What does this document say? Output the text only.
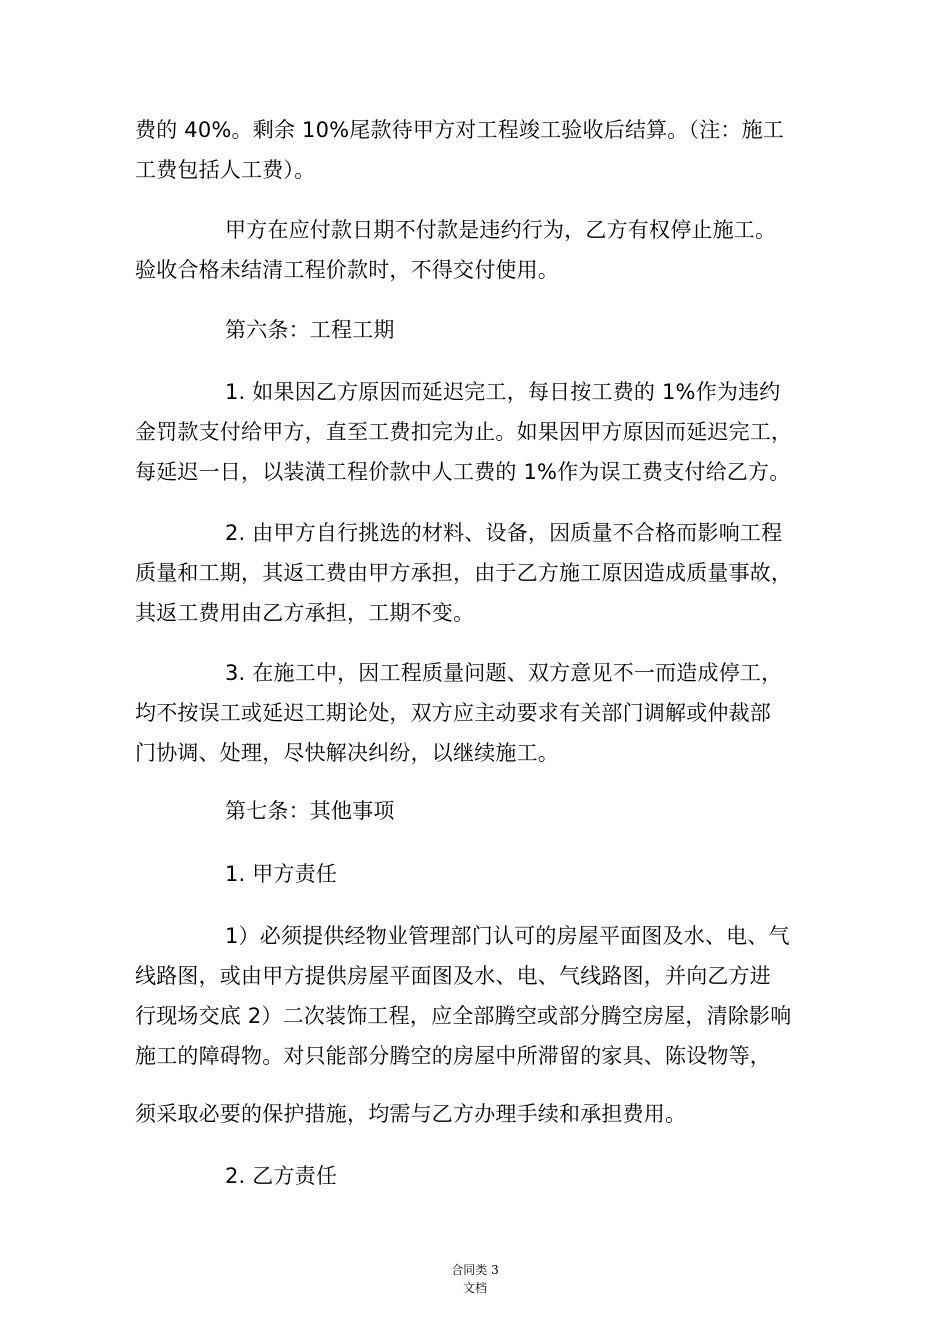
费的 40%。剩余 10%尾款待甲方对工程竣工验收后结算。（注：施工
工费包括人工费）。
甲方在应付款日期不付款是违约行为，乙方有权停止施工。
验收合格未结清工程价款时，不得交付使用。
第六条：工程工期
1. 如果因乙方原因而延迟完工，每日按工费的 1%作为违约
金罚款支付给甲方，直至工费扣完为止。如果因甲方原因而延迟完工，
每延迟一日，以装潢工程价款中人工费的 1%作为误工费支付给乙方。
2. 由甲方自行挑选的材料、设备，因质量不合格而影响工程
质量和工期，其返工费由甲方承担，由于乙方施工原因造成质量事故，
其返工费用由乙方承担，工期不变。
3. 在施工中，因工程质量问题、双方意见不一而造成停工，
均不按误工或延迟工期论处，双方应主动要求有关部门调解或仲裁部
门协调、处理，尽快解决纠纷，以继续施工。
第七条：其他事项
1. 甲方责任
1）必须提供经物业管理部门认可的房屋平面图及水、电、气
线路图，或由甲方提供房屋平面图及水、电、气线路图，并向乙方进
行现场交底 2）二次装饰工程，应全部腾空或部分腾空房屋，清除影响
施工的障碍物。对只能部分腾空的房屋中所滞留的家具、陈设物等，
须采取必要的保护措施，均需与乙方办理手续和承担费用。
2. 乙方责任
合同类 3
文档
